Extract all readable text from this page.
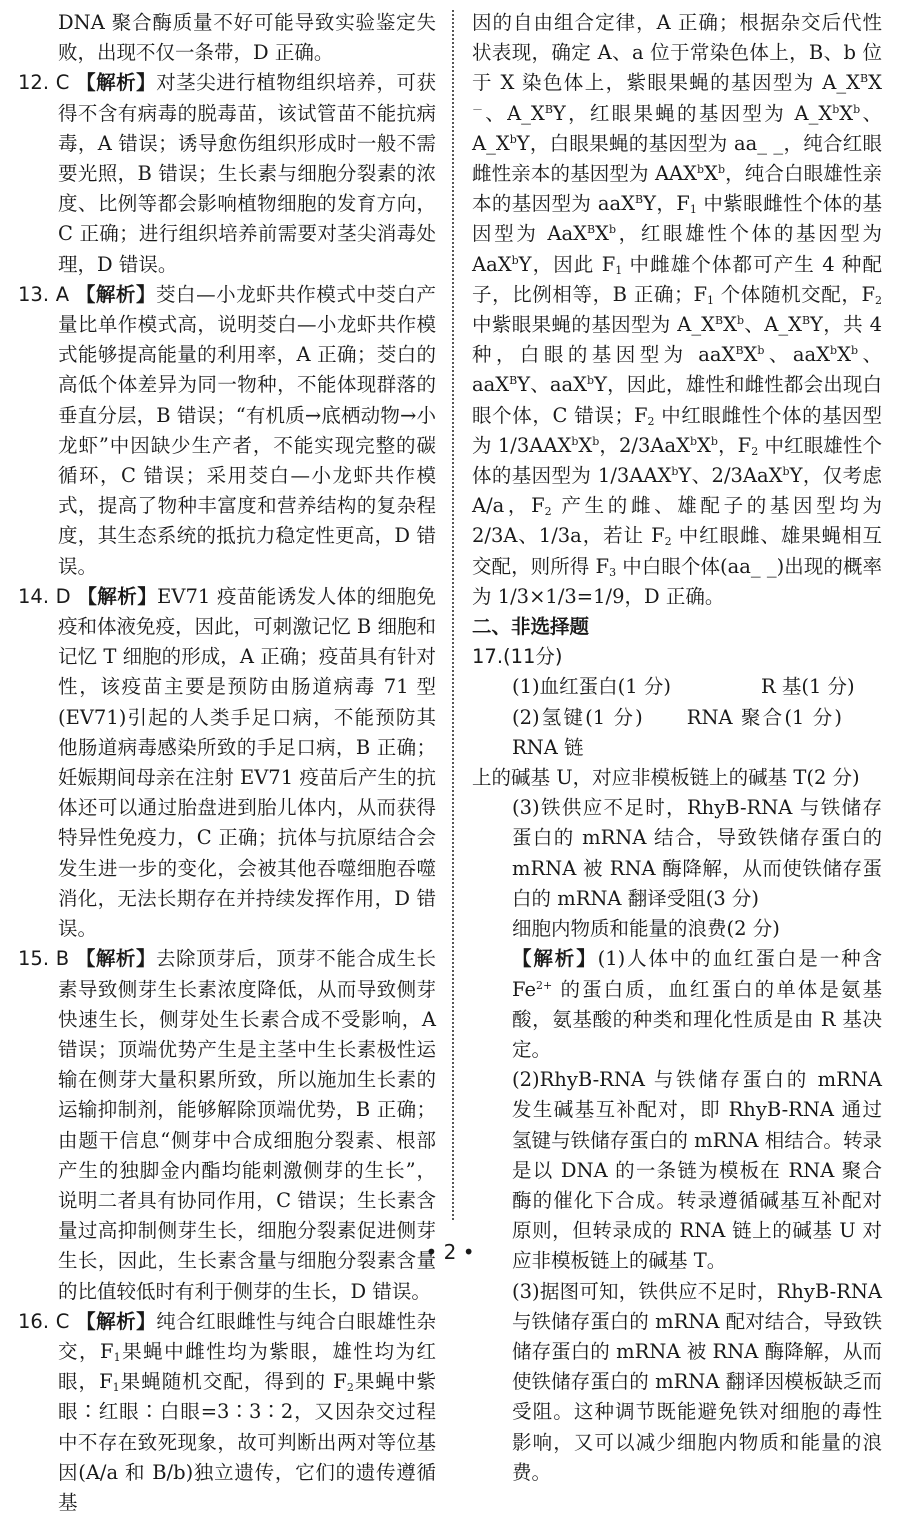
DNA 聚合酶质量不好可能导致实验鉴定失败，出现不仅一条带，D 正确。

12. C 【解析】对茎尖进行植物组织培养，可获得不含有病毒的脱毒苗，该试管苗不能抗病毒，A 错误；诱导愈伤组织形成时一般不需要光照，B 错误；生长素与细胞分裂素的浓度、比例等都会影响植物细胞的发育方向，C 正确；进行组织培养前需要对茎尖消毒处理，D 错误。

13. A 【解析】茭白—小龙虾共作模式中茭白产量比单作模式高，说明茭白—小龙虾共作模式能够提高能量的利用率，A 正确；茭白的高低个体差异为同一物种，不能体现群落的垂直分层，B 错误；“有机质→底栖动物→小龙虾”中因缺少生产者，不能实现完整的碳循环，C 错误；采用茭白—小龙虾共作模式，提高了物种丰富度和营养结构的复杂程度，其生态系统的抵抗力稳定性更高，D 错误。

14. D 【解析】EV71 疫苗能诱发人体的细胞免疫和体液免疫，因此，可刺激记忆 B 细胞和记忆 T 细胞的形成，A 正确；疫苗具有针对性，该疫苗主要是预防由肠道病毒 71 型(EV71)引起的人类手足口病，不能预防其他肠道病毒感染所致的手足口病，B 正确；妊娠期间母亲在注射 EV71 疫苗后产生的抗体还可以通过胎盘进到胎儿体内，从而获得特异性免疫力，C 正确；抗体与抗原结合会发生进一步的变化，会被其他吞噬细胞吞噬消化，无法长期存在并持续发挥作用，D 错误。

15. B 【解析】去除顶芽后，顶芽不能合成生长素导致侧芽生长素浓度降低，从而导致侧芽快速生长，侧芽处生长素合成不受影响，A 错误；顶端优势产生是主茎中生长素极性运输在侧芽大量积累所致，所以施加生长素的运输抑制剂，能够解除顶端优势，B 正确；由题干信息“侧芽中合成细胞分裂素、根部产生的独脚金内酯均能刺激侧芽的生长”，说明二者具有协同作用，C 错误；生长素含量过高抑制侧芽生长，细胞分裂素促进侧芽生长，因此，生长素含量与细胞分裂素含量的比值较低时有利于侧芽的生长，D 错误。

16. C 【解析】纯合红眼雌性与纯合白眼雄性杂交，$F_1$果蝇中雌性均为紫眼，雄性均为红眼，$F_1$果蝇随机交配，得到的 $F_2$果蝇中紫眼∶红眼∶白眼=3∶3∶2，又因杂交过程中不存在致死现象，故可判断出两对等位基因(A/a 和 B/b)独立遗传，它们的遗传遵循基

因的自由组合定律，A 正确；根据杂交后代性状表现，确定 A、a 位于常染色体上，B、b 位于 X 染色体上，紫眼果蝇的基因型为 $A\_X^BX^-$、$A\_X^BY$，红眼果蝇的基因型为 $A\_X^bX^b$、$A\_X^bY$，白眼果蝇的基因型为 aa_ _，纯合红眼雌性亲本的基因型为 $AAX^bX^b$，纯合白眼雄性亲本的基因型为 aaX$^B$Y，$F_1$ 中紫眼雌性个体的基因型为 $AaX^BX^b$，红眼雄性个体的基因型为 AaX$^b$Y，因此 $F_1$ 中雌雄个体都可产生 4 种配子，比例相等，B 正确；$F_1$ 个体随机交配，$F_2$ 中紫眼果蝇的基因型为 $A\_X^BX^b$、$A\_X^BY$，共 4 种，白眼的基因型为 $aaX^BX^b$、$aaX^bX^b$、aaX$^B$Y、aaX$^b$Y，因此，雄性和雌性都会出现白眼个体，C 错误；$F_2$ 中红眼雌性个体的基因型为 $1/3AAX^bX^b$，$2/3AaX^bX^b$，$F_2$ 中红眼雄性个体的基因型为 1/3AAX$^b$Y、2/3AaX$^b$Y，仅考虑 A/a，$F_2$ 产生的雌、雄配子的基因型均为 2/3A、1/3a，若让 $F_2$ 中红眼雌、雄果蝇相互交配，则所得 $F_3$ 中白眼个体(aa_ _)出现的概率为 1/3×1/3=1/9，D 正确。

二、非选择题

17.(11分)

(1)血红蛋白(1 分)	R 基(1 分)

(2)氢键(1 分) RNA 聚合(1 分)RNA 链

上的碱基 U，对应非模板链上的碱基 T(2 分)

(3)铁供应不足时，RhyB-RNA 与铁储存蛋白的 mRNA 结合，导致铁储存蛋白的 mRNA 被 RNA 酶降解，从而使铁储存蛋白的 mRNA 翻译受阻(3 分)

细胞内物质和能量的浪费(2 分)

【解析】(1)人体中的血红蛋白是一种含 $Fe^{2+}$ 的蛋白质，血红蛋白的单体是氨基酸，氨基酸的种类和理化性质是由 R 基决定。

(2)RhyB-RNA 与铁储存蛋白的 mRNA 发生碱基互补配对，即 RhyB-RNA 通过氢键与铁储存蛋白的 mRNA 相结合。转录是以 DNA 的一条链为模板在 RNA 聚合酶的催化下合成。转录遵循碱基互补配对原则，但转录成的 RNA 链上的碱基 U 对应非模板链上的碱基 T。

(3)据图可知，铁供应不足时，RhyB-RNA 与铁储存蛋白的 mRNA 配对结合，导致铁储存蛋白的 mRNA 被 RNA 酶降解，从而使铁储存蛋白的 mRNA 翻译因模板缺乏而受阻。这种调节既能避免铁对细胞的毒性影响，又可以减少细胞内物质和能量的浪费。

• 2 •
